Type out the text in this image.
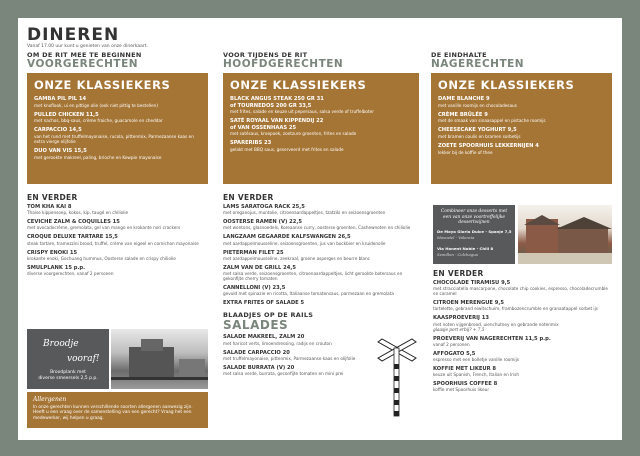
DINEREN
Vanaf 17.00 uur kunt u genieten van onze dinerkaart.
OM DE RIT MEE TE BEGINNEN
VOORGERECHTEN
ONZE KLASSIEKERS
GAMBA PIL PIL 14
met knoflook, ui en pittige olie (ook niet pittig te bestellen)
PULLED CHICKEN 11,5
met nachos, bbq-saus, crème fraiche, guacamole en cheddar
CARPACCIO 14,5
van het rund met truffelmayonaise, rucola, pittenmix, Parmezaanse kaas en extra vierge olijfolie
DUO VAN VIS 15,5
met gerookte makreel, paling, brioche en Kewpie mayonaise
EN VERDER
TOM KHA KAI 8
Thaise kippensoep, kokos, kip, taugé en chiliolie
CEVICHE ZALM & COQUILLES 15
met avocadocrème, gremolata, gel van mango en krokante nori crackers
CROQUE DELUXE TARTARE 15,5
steak tartare, tramezzini brood, truffel, crème van eigeel en cornichon mayonaise
CRISPY ENOKI 15
krokante enoki, Gochuang hummus, Oosterse salade en crispy chiliolie
SMULPLANK 15 p.p.
diverse voorgerechten, vanaf 2 personen
Broodje
vooraf!
Broodplank met
diverse smeersels 2,5 p.p.
Allergenen
In onze gerechten kunnen verschillende soorten allergenen aanwezig zijn. Heeft u een vraag over de samenstelling van een gerecht? Vraag het een medewerker, wij helpen u graag.
VOOR TIJDENS DE RIT
HOOFDGERECHTEN
ONZE KLASSIEKERS
BLACK ANGUS STEAK 250 GR 31
of TOURNEDOS 200 GR 33,5
met frites, salade en keuze uit pepersaus, salsa verde of truffelboter
SATÉ ROYAAL VAN KIPPENDIJ 22
of VAN OSSENHAAS 25
met satésaus, kroepoek, zoetzure groenten, frites en salade
SPARERIBS 23
gelakt met BBQ saus, geserveerd met frites en salade
EN VERDER
LAMS SARATOGA RACK 25,5
met oreganojus, muntolie, citroenaardappeltjes, tzatziki en seizoensgroenten
OOSTERSE RAMEN (V) 22,5
met wontons, glasnoedels, Koreaanse curry, oosterse groenten, Cashewnoten en chiliolie
LANGZAAM GEGAARDE KALFSWANGEN 26,5
met aardappelmousseline, seizoensgroenten, jus van bockbier en kruidenolie
PIETERMAN FILET 25
met aardappelmousseline, zeekraal, groene asperges en beurre blanc
ZALM VAN DE GRILL 24,5
met salsa verde, seizoensgroenten, citroenaardappeltjes, licht gerookte botersaus en gekonfijte cherry tomaten
CANNELLONI (V) 23,5
gevuld met spinazie en ricotta, Italiaanse tomatensaus, parmezaan en gremolata
EXTRA FRITES OF SALADE 5
BLAADJES OP DE RAILS
SALADES
SALADE MAKREEL, ZALM 20
met haricot verts, limoendressing, radijs en crouton
SALADE CARPACCIO 20
met truffelmayonaise, pittenmix, Parmezaanse kaas en olijfolie
SALADE BURRATA (V) 20
met salsa verde, burrata, geconfijte tomaten en mini prei
DE EINDHALTE
NAGERECHTEN
ONZE KLASSIEKERS
DAME BLANCHE 9
met vanille roomijs en chocoladesaus
CRÈME BRÛLÉE 9
met de smaak van sinaasappel en pistache roomijs
CHEESECAKE YOGHURT 9,5
met bramen coulis en bramen sorbetijs
ZOETE SPOORHUIS LEKKERNIJEN 4
lekker bij de koffie of thee
Combineer onze desserts met een van onze voortreffelijke dessertwijnen
De Moya Gloria Dulce - Spanje 7,5
Moscatel - Valencia
Via Hanent Noble - Chili 8
Semillon - Colchagua
EN VERDER
CHOCOLADE TIRAMISU 9,5
met stracciatella mascarpone, chocolate chip cookies, espresso, chocoladecrumble en caramel
CITROEN MERENGUE 9,5
tartelette, gebrand eiwitschuim, frambozencrumble en granaatappel sorbet ijs
KAASPROEVERIJ 13
met noten vijgenbrood, uienchutney en gebrande notenmix
glaasje port erbij? + 7,5
PROEVERIJ VAN NAGERECHTEN 11,5 p.p.
vanaf 2 personen
AFFOGATO 5,5
espresso met een bolletje vanille roomijs
KOFFIE MET LIKEUR 8
keuze uit Spanish, French, Italian en Irish
SPOORHUIS COFFEE 8
koffie met Spoorhuis likeur
